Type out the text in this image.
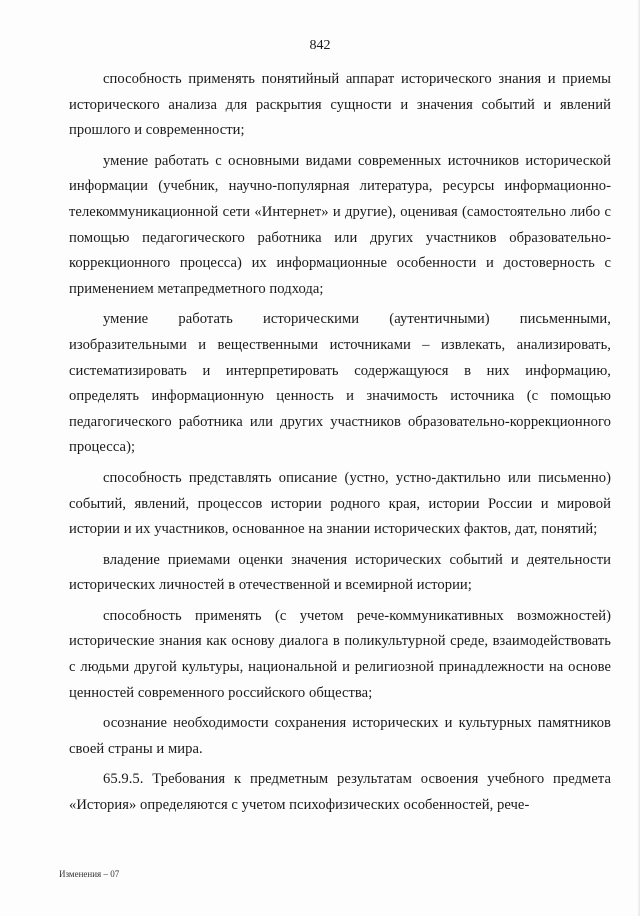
842

способность применять понятийный аппарат исторического знания и приемы исторического анализа для раскрытия сущности и значения событий и явлений прошлого и современности;

умение работать с основными видами современных источников исторической информации (учебник, научно-популярная литература, ресурсы информационно-телекоммуникационной сети «Интернет» и другие), оценивая (самостоятельно либо с помощью педагогического работника или других участников образовательно-коррекционного процесса) их информационные особенности и достоверность с применением метапредметного подхода;

умение работать историческими (аутентичными) письменными, изобразительными и вещественными источниками – извлекать, анализировать, систематизировать и интерпретировать содержащуюся в них информацию, определять информационную ценность и значимость источника (с помощью педагогического работника или других участников образовательно-коррекционного процесса);

способность представлять описание (устно, устно-дактильно или письменно) событий, явлений, процессов истории родного края, истории России и мировой истории и их участников, основанное на знании исторических фактов, дат, понятий;

владение приемами оценки значения исторических событий и деятельности исторических личностей в отечественной и всемирной истории;

способность применять (с учетом рече-коммуникативных возможностей) исторические знания как основу диалога в поликультурной среде, взаимодействовать с людьми другой культуры, национальной и религиозной принадлежности на основе ценностей современного российского общества;

осознание необходимости сохранения исторических и культурных памятников своей страны и мира.

65.9.5. Требования к предметным результатам освоения учебного предмета «История» определяются с учетом психофизических особенностей, рече-

Изменения – 07
